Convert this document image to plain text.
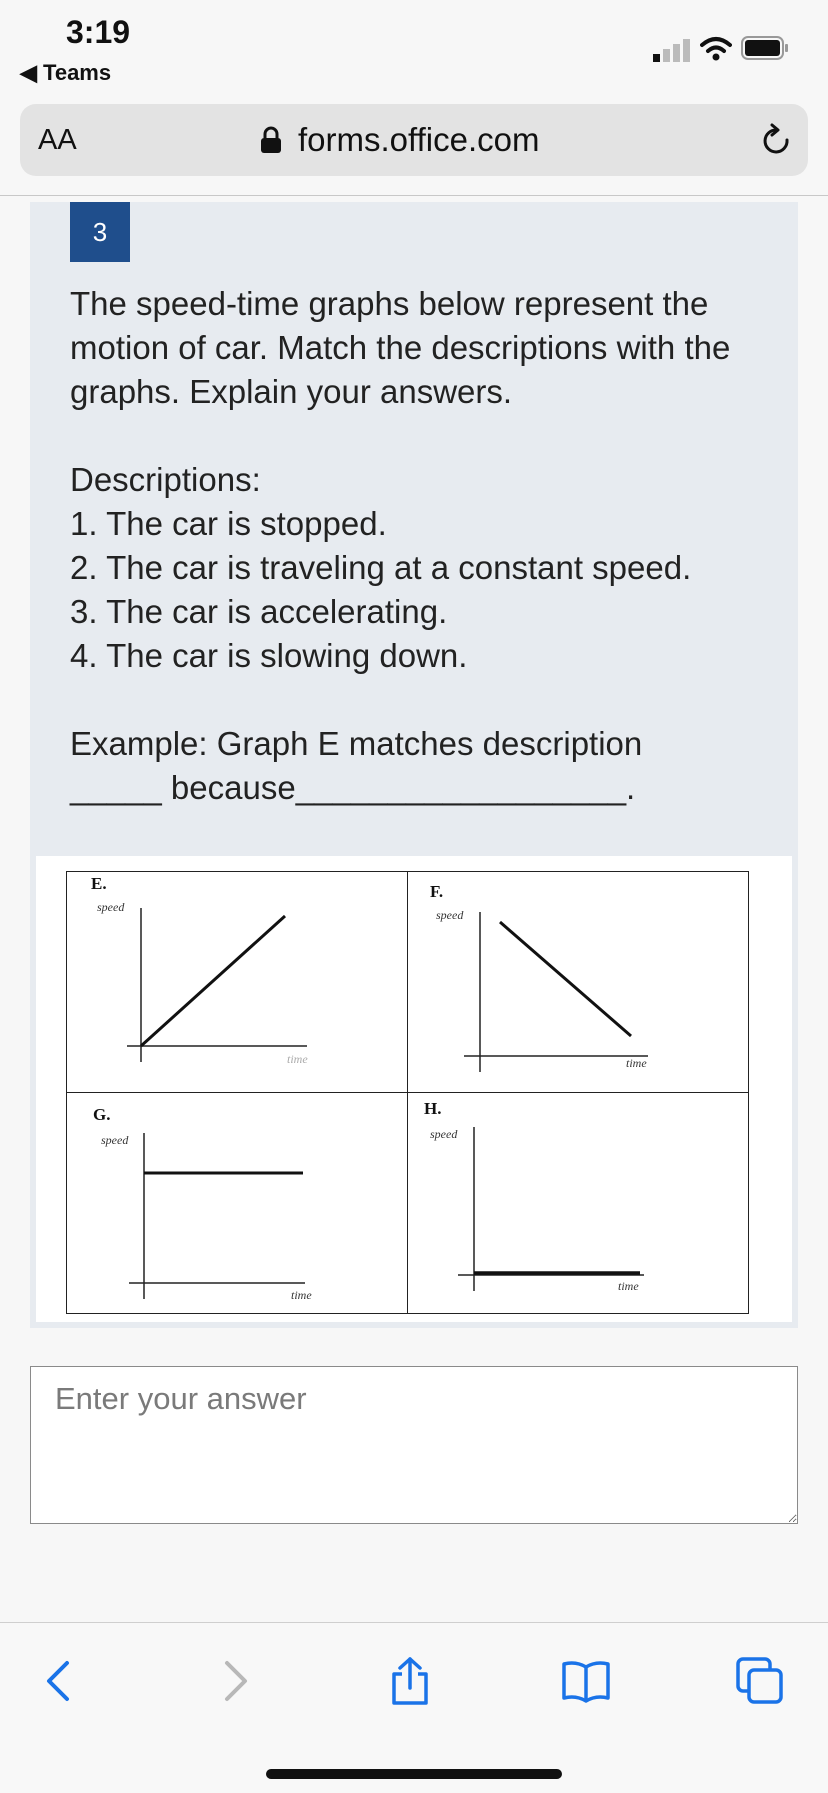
3:19
◀ Teams
AA	forms.office.com
3

The speed-time graphs below represent the motion of car. Match the descriptions with the graphs. Explain your answers.

Descriptions:

1. The car is stopped.

2. The car is traveling at a constant speed.

3. The car is accelerating.

4. The car is slowing down.

Example: Graph E matches description

_____ because__________________.

E.
speed
time
F.
speed
time
G.
speed
time
H.
speed
time
Enter your answer
